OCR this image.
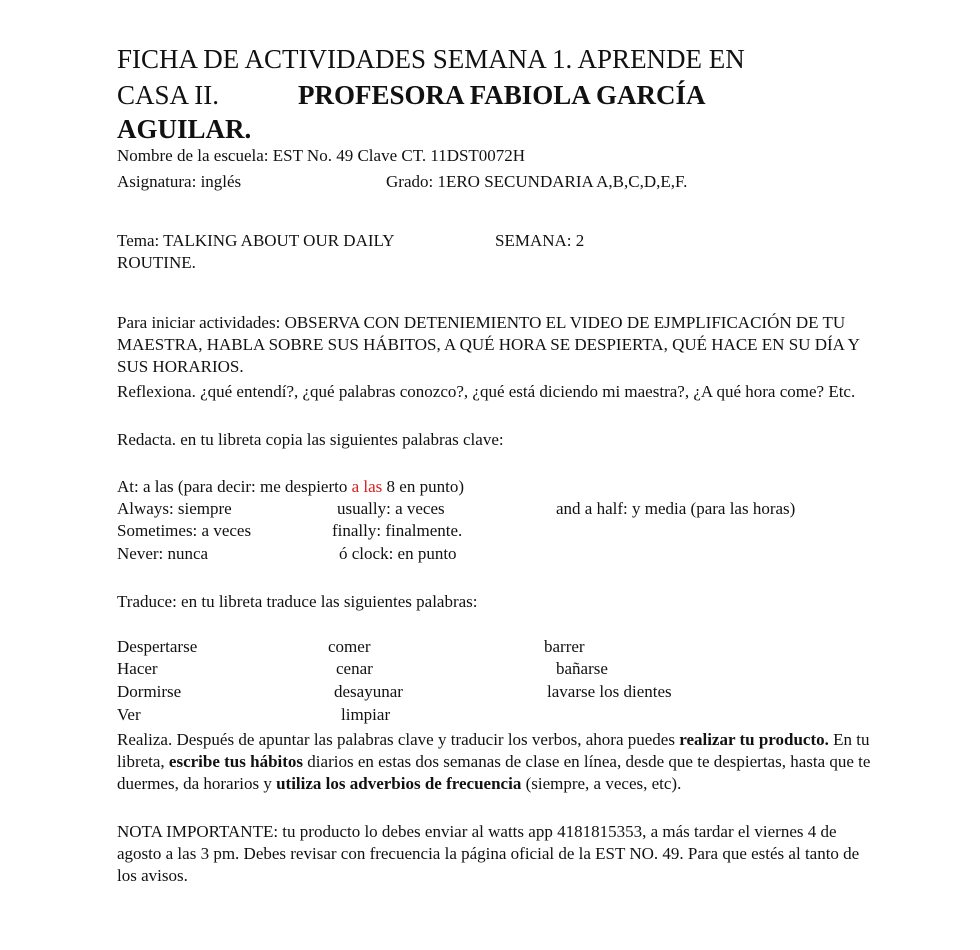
FICHA DE ACTIVIDADES SEMANA 1. APRENDE EN
CASA II.	PROFESORA FABIOLA GARCÍA
AGUILAR.
Nombre de la escuela: EST No. 49 Clave CT. 11DST0072H
Asignatura: inglés	Grado: 1ERO SECUNDARIA A,B,C,D,E,F.
Tema: TALKING ABOUT OUR DAILY	SEMANA: 2
ROUTINE.
Para iniciar actividades: OBSERVA CON DETENIEMIENTO EL VIDEO DE EJMPLIFICACIÓN DE TU MAESTRA, HABLA SOBRE SUS HÁBITOS, A QUÉ HORA SE DESPIERTA, QUÉ HACE EN SU DÍA Y SUS HORARIOS.
Reflexiona. ¿qué entendí?, ¿qué palabras conozco?, ¿qué está diciendo mi maestra?, ¿A qué hora come? Etc.
Redacta. en tu libreta copia las siguientes palabras clave:
At: a las (para decir: me despierto a las 8 en punto)
Always: siempre	usually: a veces	and a half: y media (para las horas)
Sometimes: a veces	finally: finalmente.
Never: nunca	ó clock: en punto
Traduce: en tu libreta traduce las siguientes palabras:
Despertarse	comer	barrer
Hacer	cenar	bañarse
Dormirse	desayunar	lavarse los dientes
Ver	limpiar
Realiza. Después de apuntar las palabras clave y traducir los verbos, ahora puedes realizar tu producto. En tu libreta, escribe tus hábitos diarios en estas dos semanas de clase en línea, desde que te despiertas, hasta que te duermes, da horarios y utiliza los adverbios de frecuencia (siempre, a veces, etc).
NOTA IMPORTANTE: tu producto lo debes enviar al watts app 4181815353, a más tardar el viernes 4 de agosto a las 3 pm. Debes revisar con frecuencia la página oficial de la EST NO. 49. Para que estés al tanto de los avisos.
